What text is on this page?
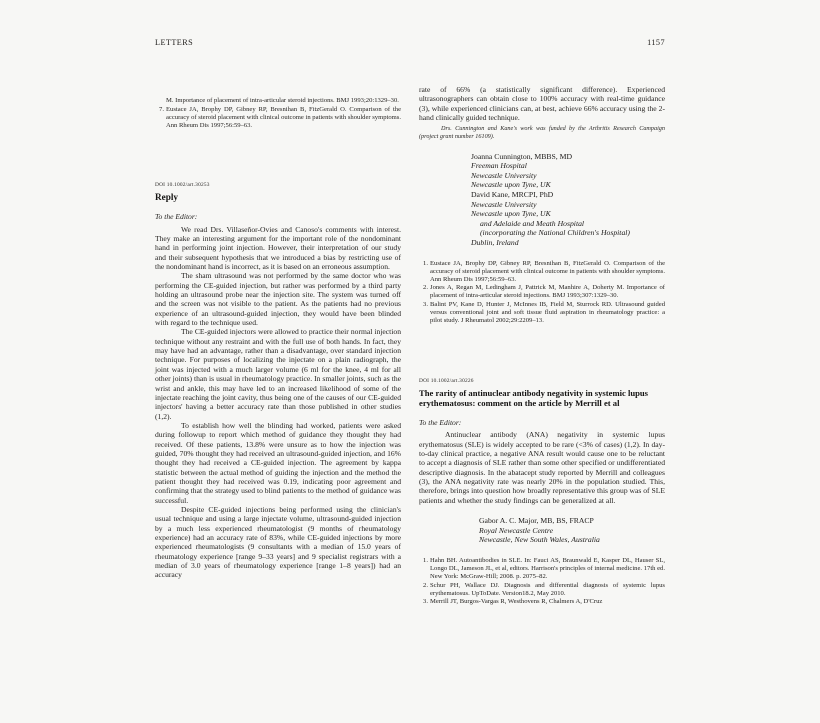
LETTERS	1157
M. Importance of placement of intra-articular steroid injections. BMJ 1993;20:1329–30.
Eustace JA, Brophy DP, Gibney RP, Bresnihan B, FitzGerald O. Comparison of the accuracy of steroid placement with clinical outcome in patients with shoulder symptoms. Ann Rheum Dis 1997;56:59–63.
DOI 10.1002/art.30253
Reply
To the Editor:

We read Drs. Villaseñor-Ovies and Canoso's comments with interest. They make an interesting argument for the important role of the nondominant hand in performing joint injection. However, their interpretation of our study and their subsequent hypothesis that we introduced a bias by restricting use of the nondominant hand is incorrect, as it is based on an erroneous assumption.

The sham ultrasound was not performed by the same doctor who was performing the CE-guided injection, but rather was performed by a third party holding an ultrasound probe near the injection site. The system was turned off and the screen was not visible to the patient. As the patients had no previous experience of an ultrasound-guided injection, they would have been blinded with regard to the technique used.

The CE-guided injectors were allowed to practice their normal injection technique without any restraint and with the full use of both hands. In fact, they may have had an advantage, rather than a disadvantage, over standard injection technique. For purposes of localizing the injectate on a plain radiograph, the joint was injected with a much larger volume (6 ml for the knee, 4 ml for all other joints) than is usual in rheumatology practice. In smaller joints, such as the wrist and ankle, this may have led to an increased likelihood of some of the injectate reaching the joint cavity, thus being one of the causes of our CE-guided injectors' having a better accuracy rate than those published in other studies (1,2).

To establish how well the blinding had worked, patients were asked during followup to report which method of guidance they thought they had received. Of these patients, 13.8% were unsure as to how the injection was guided, 70% thought they had received an ultrasound-guided injection, and 16% thought they had received a CE-guided injection. The agreement by kappa statistic between the actual method of guiding the injection and the method the patient thought they had received was 0.19, indicating poor agreement and confirming that the strategy used to blind patients to the method of guidance was successful.

Despite CE-guided injections being performed using the clinician's usual technique and using a large injectate volume, ultrasound-guided injection by a much less experienced rheumatologist (9 months of rheumatology experience) had an accuracy rate of 83%, while CE-guided injections by more experienced rheumatologists (9 consultants with a median of 15.0 years of rheumatology experience [range 9–33 years] and 9 specialist registrars with a median of 3.0 years of rheumatology experience [range 1–8 years]) had an accuracy

rate of 66% (a statistically significant difference). Experienced ultrasonographers can obtain close to 100% accuracy with real-time guidance (3), while experienced clinicians can, at best, achieve 66% accuracy using the 2-hand clinically guided technique.

Drs. Cunnington and Kane's work was funded by the Arthritis Research Campaign (project grant number 16109).

Joanna Cunnington, MBBS, MD
Freeman Hospital
Newcastle University
Newcastle upon Tyne, UK
David Kane, MRCPI, PhD
Newcastle University
Newcastle upon Tyne, UK
and Adelaide and Meath Hospital
(incorporating the National Children's Hospital)
Dublin, Ireland
Eustace JA, Brophy DP, Gibney RP, Bresnihan B, FitzGerald O. Comparison of the accuracy of steroid placement with clinical outcome in patients with shoulder symptoms. Ann Rheum Dis 1997;56:59–63.
Jones A, Regan M, Ledingham J, Pattrick M, Manhire A, Doherty M. Importance of placement of intra-articular steroid injections. BMJ 1993;307:1329–30.
Balint PV, Kane D, Hunter J, McInnes IB, Field M, Sturrock RD. Ultrasound guided versus conventional joint and soft tissue fluid aspiration in rheumatology practice: a pilot study. J Rheumatol 2002;29:2209–13.
DOI 10.1002/art.30226
The rarity of antinuclear antibody negativity in systemic lupus erythematosus: comment on the article by Merrill et al
To the Editor:

Antinuclear antibody (ANA) negativity in systemic lupus erythematosus (SLE) is widely accepted to be rare (<3% of cases) (1,2). In day-to-day clinical practice, a negative ANA result would cause one to be reluctant to accept a diagnosis of SLE rather than some other specified or undifferentiated descriptive diagnosis. In the abatacept study reported by Merrill and colleagues (3), the ANA negativity rate was nearly 20% in the population studied. This, therefore, brings into question how broadly representative this group was of SLE patients and whether the study findings can be generalized at all.

Gabor A. C. Major, MB, BS, FRACP
Royal Newcastle Centre
Newcastle, New South Wales, Australia
Hahn BH. Autoantibodies in SLE. In: Fauci AS, Braunwald E, Kasper DL, Hauser SL, Longo DL, Jameson JL, et al, editors. Harrison's principles of internal medicine. 17th ed. New York: McGraw-Hill; 2008. p. 2075–82.
Schur PH, Wallace DJ. Diagnosis and differential diagnosis of systemic lupus erythematosus. UpToDate. Version18.2, May 2010.
Merrill JT, Burgos-Vargas R, Westhovens R, Chalmers A, D'Cruz
